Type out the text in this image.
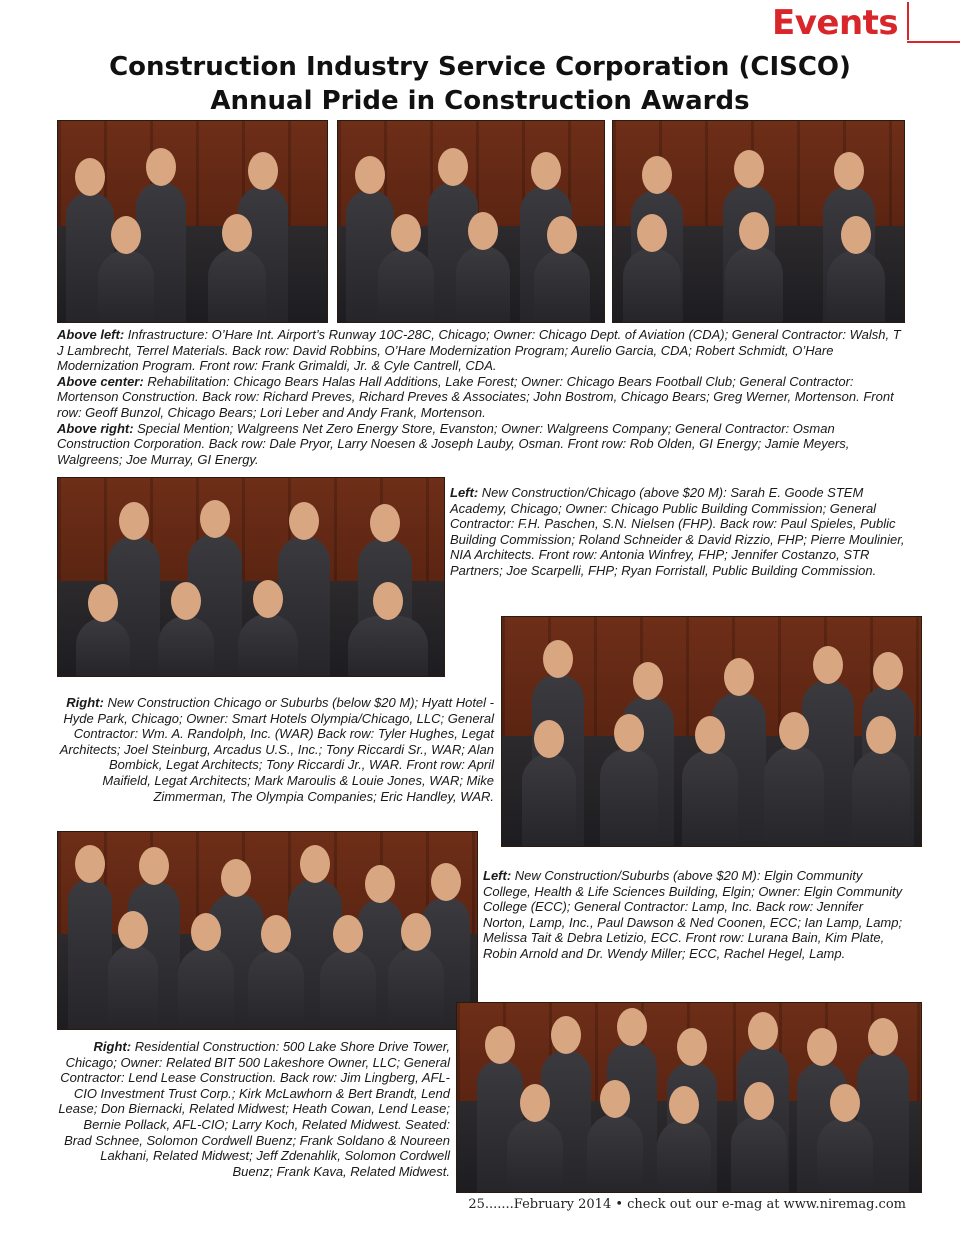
Events
Construction Industry Service Corporation (CISCO)
Annual Pride in Construction Awards

Above left: Infrastructure: O’Hare Int. Airport’s Runway 10C-28C, Chicago; Owner: Chicago Dept. of Aviation (CDA); General Contractor: Walsh, T J Lambrecht, Terrel Materials. Back row: David Robbins, O’Hare Modernization Program; Aurelio Garcia, CDA; Robert Schmidt, O’Hare Modernization Program. Front row: Frank Grimaldi, Jr. & Cyle Cantrell, CDA.

Above center: Rehabilitation: Chicago Bears Halas Hall Additions, Lake Forest; Owner: Chicago Bears Football Club; General Contractor: Mortenson Construction. Back row: Richard Preves, Richard Preves & Associates; John Bostrom, Chicago Bears; Greg Werner, Mortenson. Front row: Geoff Bunzol, Chicago Bears; Lori Leber and Andy Frank, Mortenson.

Above right: Special Mention; Walgreens Net Zero Energy Store, Evanston; Owner: Walgreens Company; General Contractor: Osman Construction Corporation. Back row: Dale Pryor, Larry Noesen & Joseph Lauby, Osman. Front row: Rob Olden, GI Energy; Jamie Meyers, Walgreens; Joe Murray, GI Energy.

Left: New Construction/Chicago (above $20 M): Sarah E. Goode STEM Academy, Chicago; Owner: Chicago Public Building Commission; General Contractor: F.H. Paschen, S.N. Nielsen (FHP). Back row: Paul Spieles, Public Building Commission; Roland Schneider & David Rizzio, FHP; Pierre Moulinier, NIA Architects. Front row: Antonia Winfrey, FHP; Jennifer Costanzo, STR Partners; Joe Scarpelli, FHP; Ryan Forristall, Public Building Commission.

Right: New Construction Chicago or Suburbs (below $20 M); Hyatt Hotel - Hyde Park, Chicago; Owner: Smart Hotels Olympia/Chicago, LLC; General Contractor: Wm. A. Randolph, Inc. (WAR) Back row: Tyler Hughes, Legat Architects; Joel Steinburg, Arcadus U.S., Inc.; Tony Riccardi Sr., WAR; Alan Bombick, Legat Architects; Tony Riccardi Jr., WAR. Front row: April Maifield, Legat Architects; Mark Maroulis & Louie Jones, WAR; Mike Zimmerman, The Olympia Companies; Eric Handley, WAR.

Left: New Construction/Suburbs (above $20 M): Elgin Community College, Health & Life Sciences Building, Elgin; Owner: Elgin Community College (ECC); General Contractor: Lamp, Inc. Back row: Jennifer Norton, Lamp, Inc., Paul Dawson & Ned Coonen, ECC; Ian Lamp, Lamp; Melissa Tait & Debra Letizio, ECC. Front row: Lurana Bain, Kim Plate, Robin Arnold and Dr. Wendy Miller; ECC, Rachel Hegel, Lamp.

Right: Residential Construction: 500 Lake Shore Drive Tower, Chicago; Owner: Related BIT 500 Lakeshore Owner, LLC; General Contractor: Lend Lease Construction. Back row: Jim Lingberg, AFL-CIO Investment Trust Corp.; Kirk McLawhorn & Bert Brandt, Lend Lease; Don Biernacki, Related Midwest; Heath Cowan, Lend Lease; Bernie Pollack, AFL-CIO; Larry Koch, Related Midwest. Seated: Brad Schnee, Solomon Cordwell Buenz; Frank Soldano & Noureen Lakhani, Related Midwest; Jeff Zdenahlik, Solomon Cordwell Buenz; Frank Kava, Related Midwest.

25.......February 2014 • check out our e-mag at www.niremag.com
